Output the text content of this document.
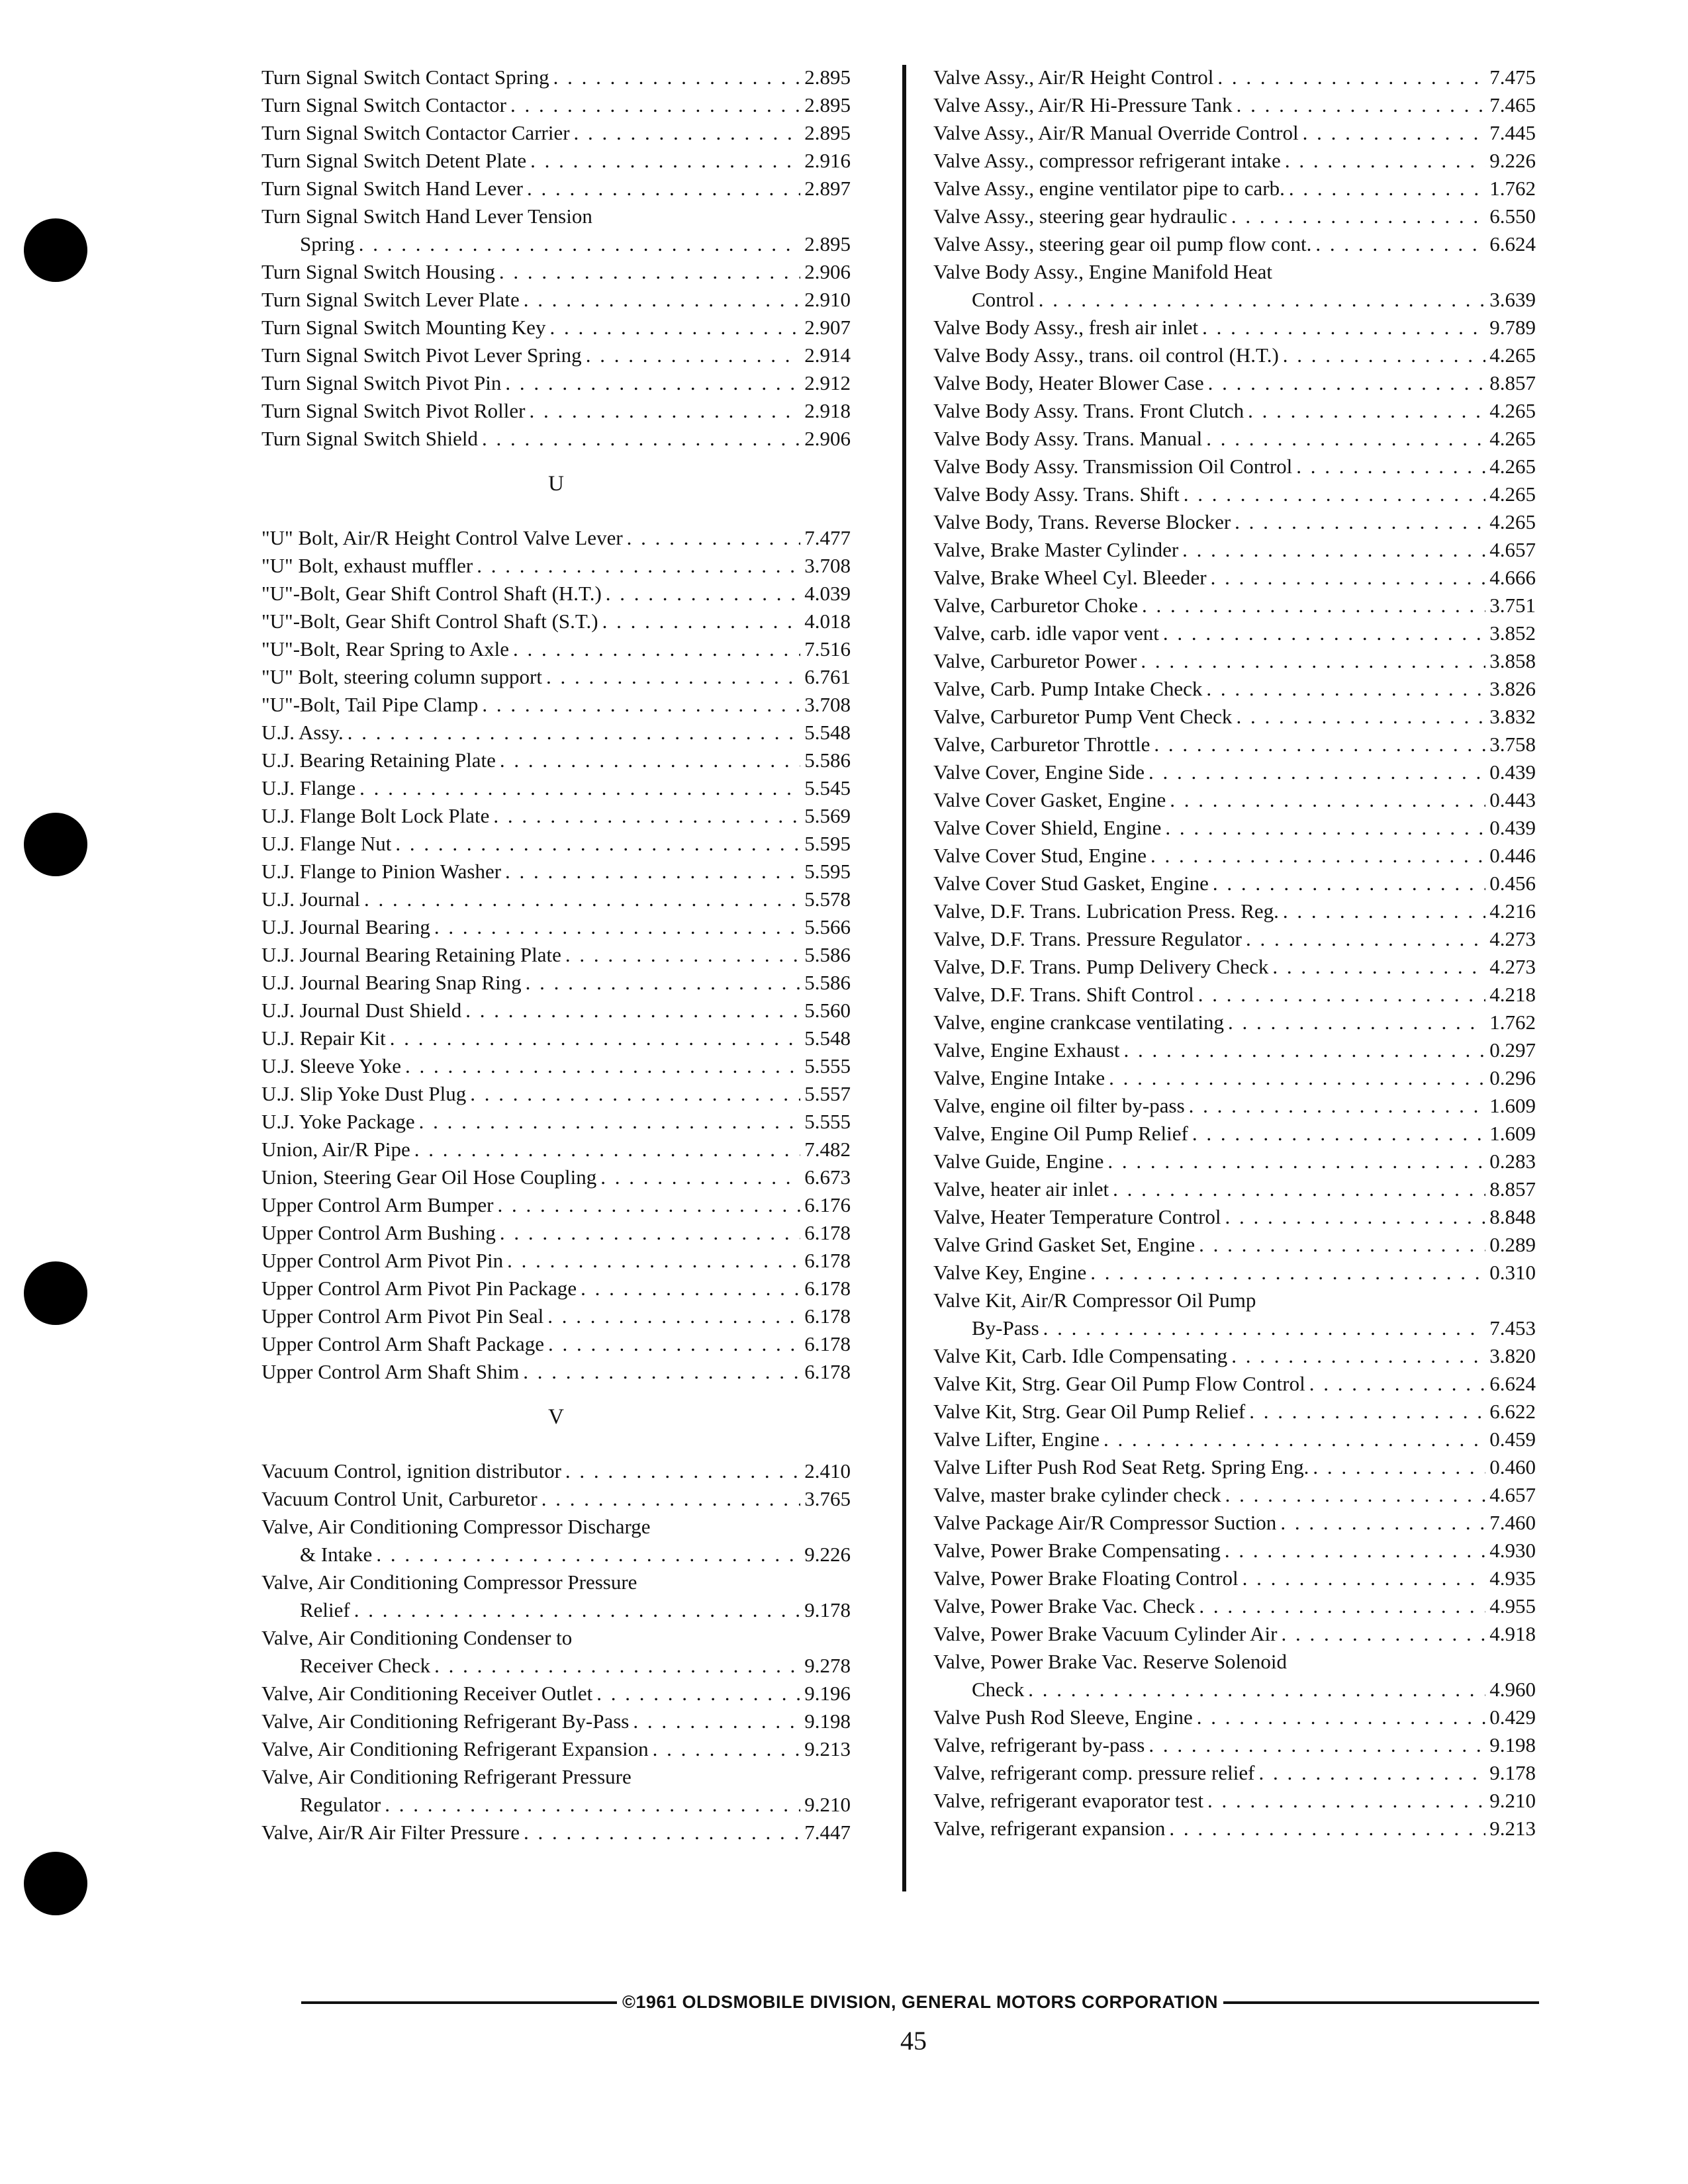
Turn Signal Switch Contact Spring . . .	2.895
Turn Signal Switch Contactor . . .	2.895
Turn Signal Switch Contactor Carrier . . .	2.895
Turn Signal Switch Detent Plate . . .	2.916
Turn Signal Switch Hand Lever . . .	2.897
Turn Signal Switch Hand Lever Tension
Spring . . .	2.895
Turn Signal Switch Housing . . .	2.906
Turn Signal Switch Lever Plate . . .	2.910
Turn Signal Switch Mounting Key . . .	2.907
Turn Signal Switch Pivot Lever Spring . . .	2.914
Turn Signal Switch Pivot Pin . . .	2.912
Turn Signal Switch Pivot Roller . . .	2.918
Turn Signal Switch Shield . . .	2.906
U
"U" Bolt, Air/R Height Control Valve Lever . . .	7.477
"U" Bolt, exhaust muffler . . .	3.708
"U"-Bolt, Gear Shift Control Shaft (H.T.) . . .	4.039
"U"-Bolt, Gear Shift Control Shaft (S.T.) . . .	4.018
"U"-Bolt, Rear Spring to Axle . . .	7.516
"U" Bolt, steering column support . . .	6.761
"U"-Bolt, Tail Pipe Clamp . . .	3.708
U.J. Assy. . . .	5.548
U.J. Bearing Retaining Plate . . .	5.586
U.J. Flange . . .	5.545
U.J. Flange Bolt Lock Plate . . .	5.569
U.J. Flange Nut . . .	5.595
U.J. Flange to Pinion Washer . . .	5.595
U.J. Journal . . .	5.578
U.J. Journal Bearing . . .	5.566
U.J. Journal Bearing Retaining Plate . . .	5.586
U.J. Journal Bearing Snap Ring . . .	5.586
U.J. Journal Dust Shield . . .	5.560
U.J. Repair Kit . . .	5.548
U.J. Sleeve Yoke . . .	5.555
U.J. Slip Yoke Dust Plug . . .	5.557
U.J. Yoke Package . . .	5.555
Union, Air/R Pipe . . .	7.482
Union, Steering Gear Oil Hose Coupling . . .	6.673
Upper Control Arm Bumper . . .	6.176
Upper Control Arm Bushing . . .	6.178
Upper Control Arm Pivot Pin . . .	6.178
Upper Control Arm Pivot Pin Package . . .	6.178
Upper Control Arm Pivot Pin Seal . . .	6.178
Upper Control Arm Shaft Package . . .	6.178
Upper Control Arm Shaft Shim . . .	6.178
V
Vacuum Control, ignition distributor . . .	2.410
Vacuum Control Unit, Carburetor . . .	3.765
Valve, Air Conditioning Compressor Discharge
& Intake . . .	9.226
Valve, Air Conditioning Compressor Pressure
Relief . . .	9.178
Valve, Air Conditioning Condenser to
Receiver Check . . .	9.278
Valve, Air Conditioning Receiver Outlet . . .	9.196
Valve, Air Conditioning Refrigerant By-Pass . . .	9.198
Valve, Air Conditioning Refrigerant Expansion . . .	9.213
Valve, Air Conditioning Refrigerant Pressure
Regulator . . .	9.210
Valve, Air/R Air Filter Pressure . . .	7.447
Valve Assy., Air/R Height Control . . .	7.475
Valve Assy., Air/R Hi-Pressure Tank . . .	7.465
Valve Assy., Air/R Manual Override Control . . .	7.445
Valve Assy., compressor refrigerant intake . . .	9.226
Valve Assy., engine ventilator pipe to carb. . . .	1.762
Valve Assy., steering gear hydraulic . . .	6.550
Valve Assy., steering gear oil pump flow cont. . . .	6.624
Valve Body Assy., Engine Manifold Heat
Control . . .	3.639
Valve Body Assy., fresh air inlet . . .	9.789
Valve Body Assy., trans. oil control (H.T.) . . .	4.265
Valve Body, Heater Blower Case . . .	8.857
Valve Body Assy. Trans. Front Clutch . . .	4.265
Valve Body Assy. Trans. Manual . . .	4.265
Valve Body Assy. Transmission Oil Control . . .	4.265
Valve Body Assy. Trans. Shift . . .	4.265
Valve Body, Trans. Reverse Blocker . . .	4.265
Valve, Brake Master Cylinder . . .	4.657
Valve, Brake Wheel Cyl. Bleeder . . .	4.666
Valve, Carburetor Choke . . .	3.751
Valve, carb. idle vapor vent . . .	3.852
Valve, Carburetor Power . . .	3.858
Valve, Carb. Pump Intake Check . . .	3.826
Valve, Carburetor Pump Vent Check . . .	3.832
Valve, Carburetor Throttle . . .	3.758
Valve Cover, Engine Side . . .	0.439
Valve Cover Gasket, Engine . . .	0.443
Valve Cover Shield, Engine . . .	0.439
Valve Cover Stud, Engine . . .	0.446
Valve Cover Stud Gasket, Engine . . .	0.456
Valve, D.F. Trans. Lubrication Press. Reg. . . .	4.216
Valve, D.F. Trans. Pressure Regulator . . .	4.273
Valve, D.F. Trans. Pump Delivery Check . . .	4.273
Valve, D.F. Trans. Shift Control . . .	4.218
Valve, engine crankcase ventilating . . .	1.762
Valve, Engine Exhaust . . .	0.297
Valve, Engine Intake . . .	0.296
Valve, engine oil filter by-pass . . .	1.609
Valve, Engine Oil Pump Relief . . .	1.609
Valve Guide, Engine . . .	0.283
Valve, heater air inlet . . .	8.857
Valve, Heater Temperature Control . . .	8.848
Valve Grind Gasket Set, Engine . . .	0.289
Valve Key, Engine . . .	0.310
Valve Kit, Air/R Compressor Oil Pump
By-Pass . . .	7.453
Valve Kit, Carb. Idle Compensating . . .	3.820
Valve Kit, Strg. Gear Oil Pump Flow Control . . .	6.624
Valve Kit, Strg. Gear Oil Pump Relief . . .	6.622
Valve Lifter, Engine . . .	0.459
Valve Lifter Push Rod Seat Retg. Spring Eng. . . .	0.460
Valve, master brake cylinder check . . .	4.657
Valve Package Air/R Compressor Suction . . .	7.460
Valve, Power Brake Compensating . . .	4.930
Valve, Power Brake Floating Control . . .	4.935
Valve, Power Brake Vac. Check . . .	4.955
Valve, Power Brake Vacuum Cylinder Air . . .	4.918
Valve, Power Brake Vac. Reserve Solenoid
Check . . .	4.960
Valve Push Rod Sleeve, Engine . . .	0.429
Valve, refrigerant by-pass . . .	9.198
Valve, refrigerant comp. pressure relief . . .	9.178
Valve, refrigerant evaporator test . . .	9.210
Valve, refrigerant expansion . . .	9.213
©1961 OLDSMOBILE DIVISION, GENERAL MOTORS CORPORATION
45
